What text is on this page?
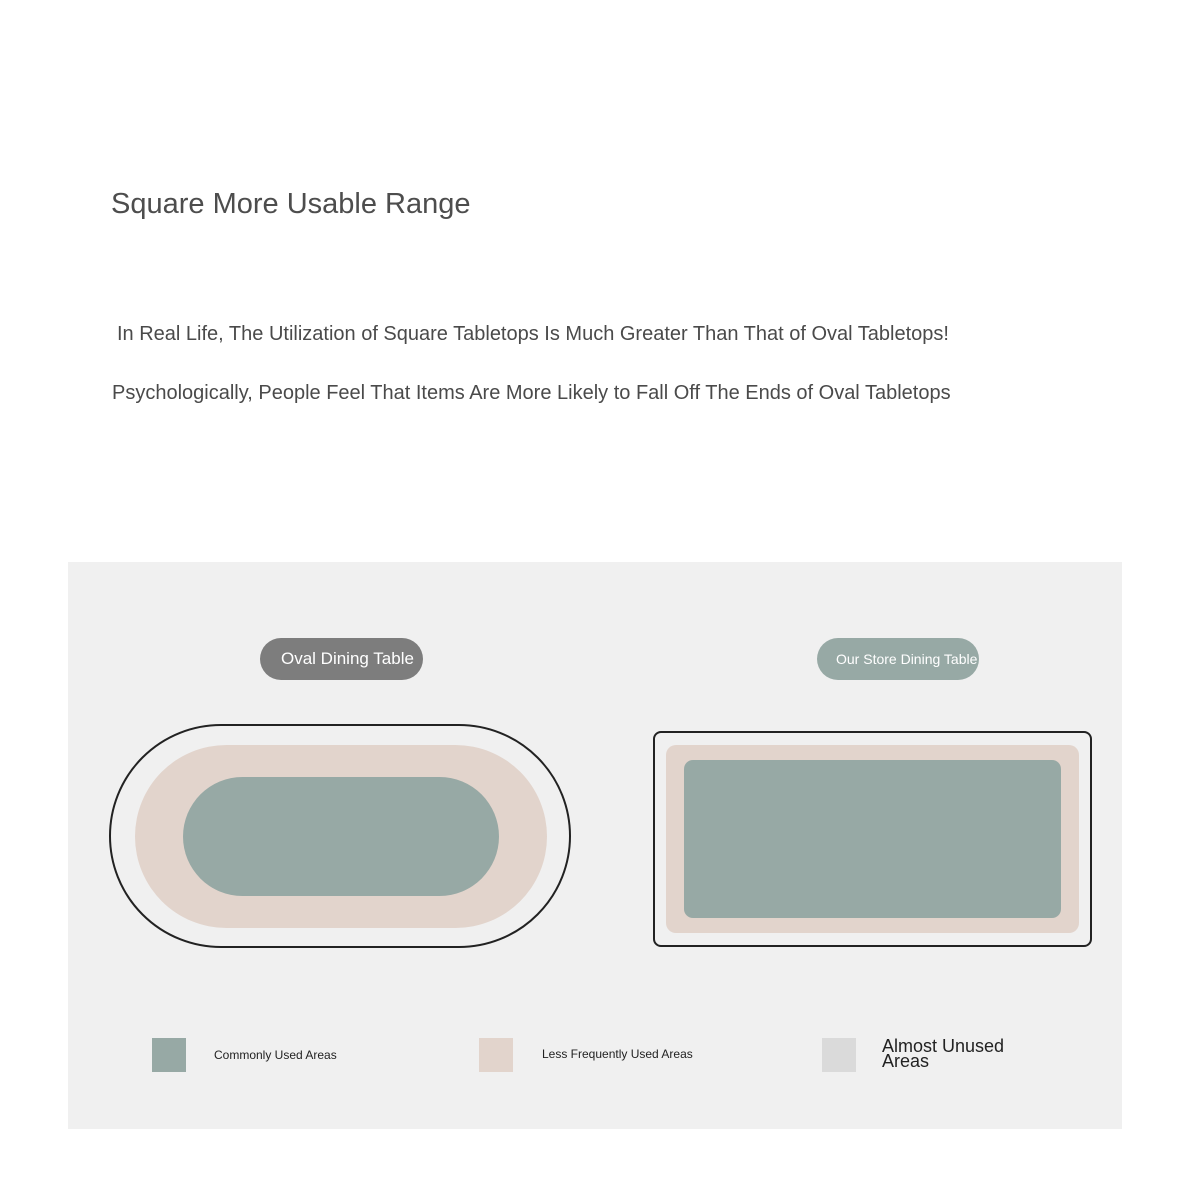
Square More Usable Range
In Real Life, The Utilization of Square Tabletops Is Much Greater Than That of Oval Tabletops!
Psychologically, People Feel That Items Are More Likely to Fall Off The Ends of Oval Tabletops
Oval Dining Table	Our Store Dining Table
Commonly Used Areas	Less Frequently Used Areas	Almost Unused Areas
